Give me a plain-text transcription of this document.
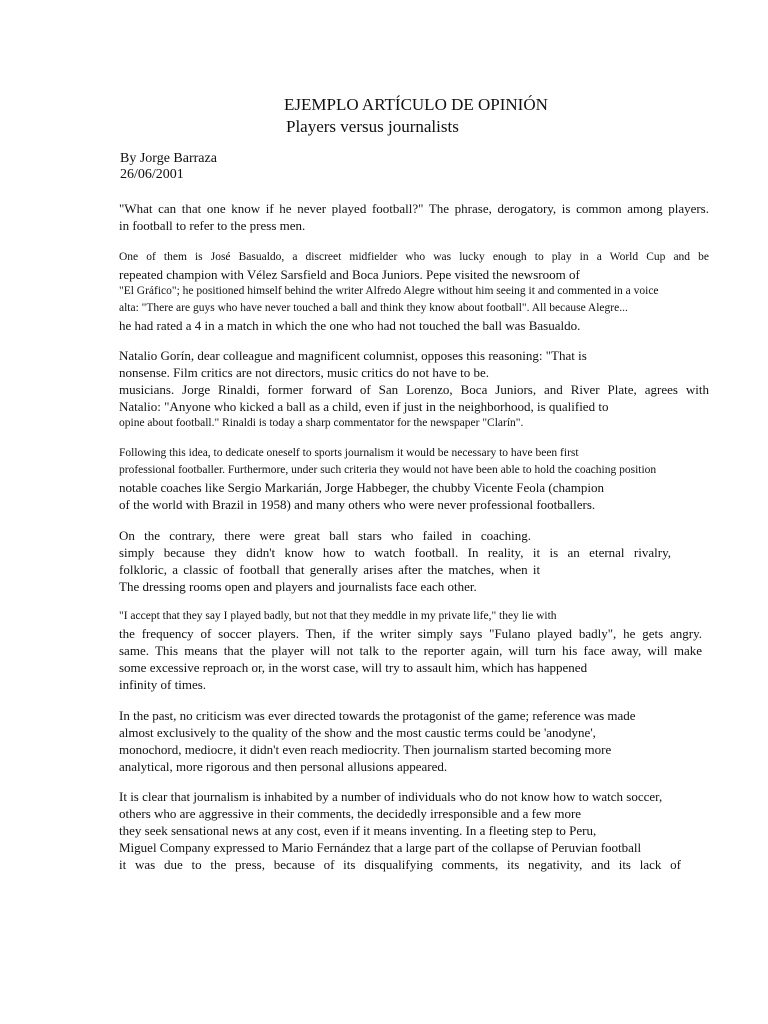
EJEMPLO ARTÍCULO DE OPINIÓN
Players versus journalists
By Jorge Barraza
26/06/2001
"What can that one know if he never played football?" The phrase, derogatory, is common among players.
in football to refer to the press men.
One of them is José Basualdo, a discreet midfielder who was lucky enough to play in a World Cup and be
repeated champion with Vélez Sarsfield and Boca Juniors. Pepe visited the newsroom of
"El Gráfico"; he positioned himself behind the writer Alfredo Alegre without him seeing it and commented in a voice
alta: "There are guys who have never touched a ball and think they know about football". All because Alegre...
he had rated a 4 in a match in which the one who had not touched the ball was Basualdo.
Natalio Gorín, dear colleague and magnificent columnist, opposes this reasoning: "That is
nonsense. Film critics are not directors, music critics do not have to be.
musicians. Jorge Rinaldi, former forward of San Lorenzo, Boca Juniors, and River Plate, agrees with
Natalio: "Anyone who kicked a ball as a child, even if just in the neighborhood, is qualified to
opine about football." Rinaldi is today a sharp commentator for the newspaper "Clarín".
Following this idea, to dedicate oneself to sports journalism it would be necessary to have been first
professional footballer. Furthermore, under such criteria they would not have been able to hold the coaching position
notable coaches like Sergio Markarián, Jorge Habbeger, the chubby Vicente Feola (champion
of the world with Brazil in 1958) and many others who were never professional footballers.
On the contrary, there were great ball stars who failed in coaching.
simply because they didn't know how to watch football. In reality, it is an eternal rivalry,
folkloric, a classic of football that generally arises after the matches, when it
The dressing rooms open and players and journalists face each other.
"I accept that they say I played badly, but not that they meddle in my private life," they lie with
the frequency of soccer players. Then, if the writer simply says "Fulano played badly", he gets angry.
same. This means that the player will not talk to the reporter again, will turn his face away, will make
some excessive reproach or, in the worst case, will try to assault him, which has happened
infinity of times.
In the past, no criticism was ever directed towards the protagonist of the game; reference was made
almost exclusively to the quality of the show and the most caustic terms could be 'anodyne',
monochord, mediocre, it didn't even reach mediocrity. Then journalism started becoming more
analytical, more rigorous and then personal allusions appeared.
It is clear that journalism is inhabited by a number of individuals who do not know how to watch soccer,
others who are aggressive in their comments, the decidedly irresponsible and a few more
they seek sensational news at any cost, even if it means inventing. In a fleeting step to Peru,
Miguel Company expressed to Mario Fernández that a large part of the collapse of Peruvian football
it was due to the press, because of its disqualifying comments, its negativity, and its lack of
